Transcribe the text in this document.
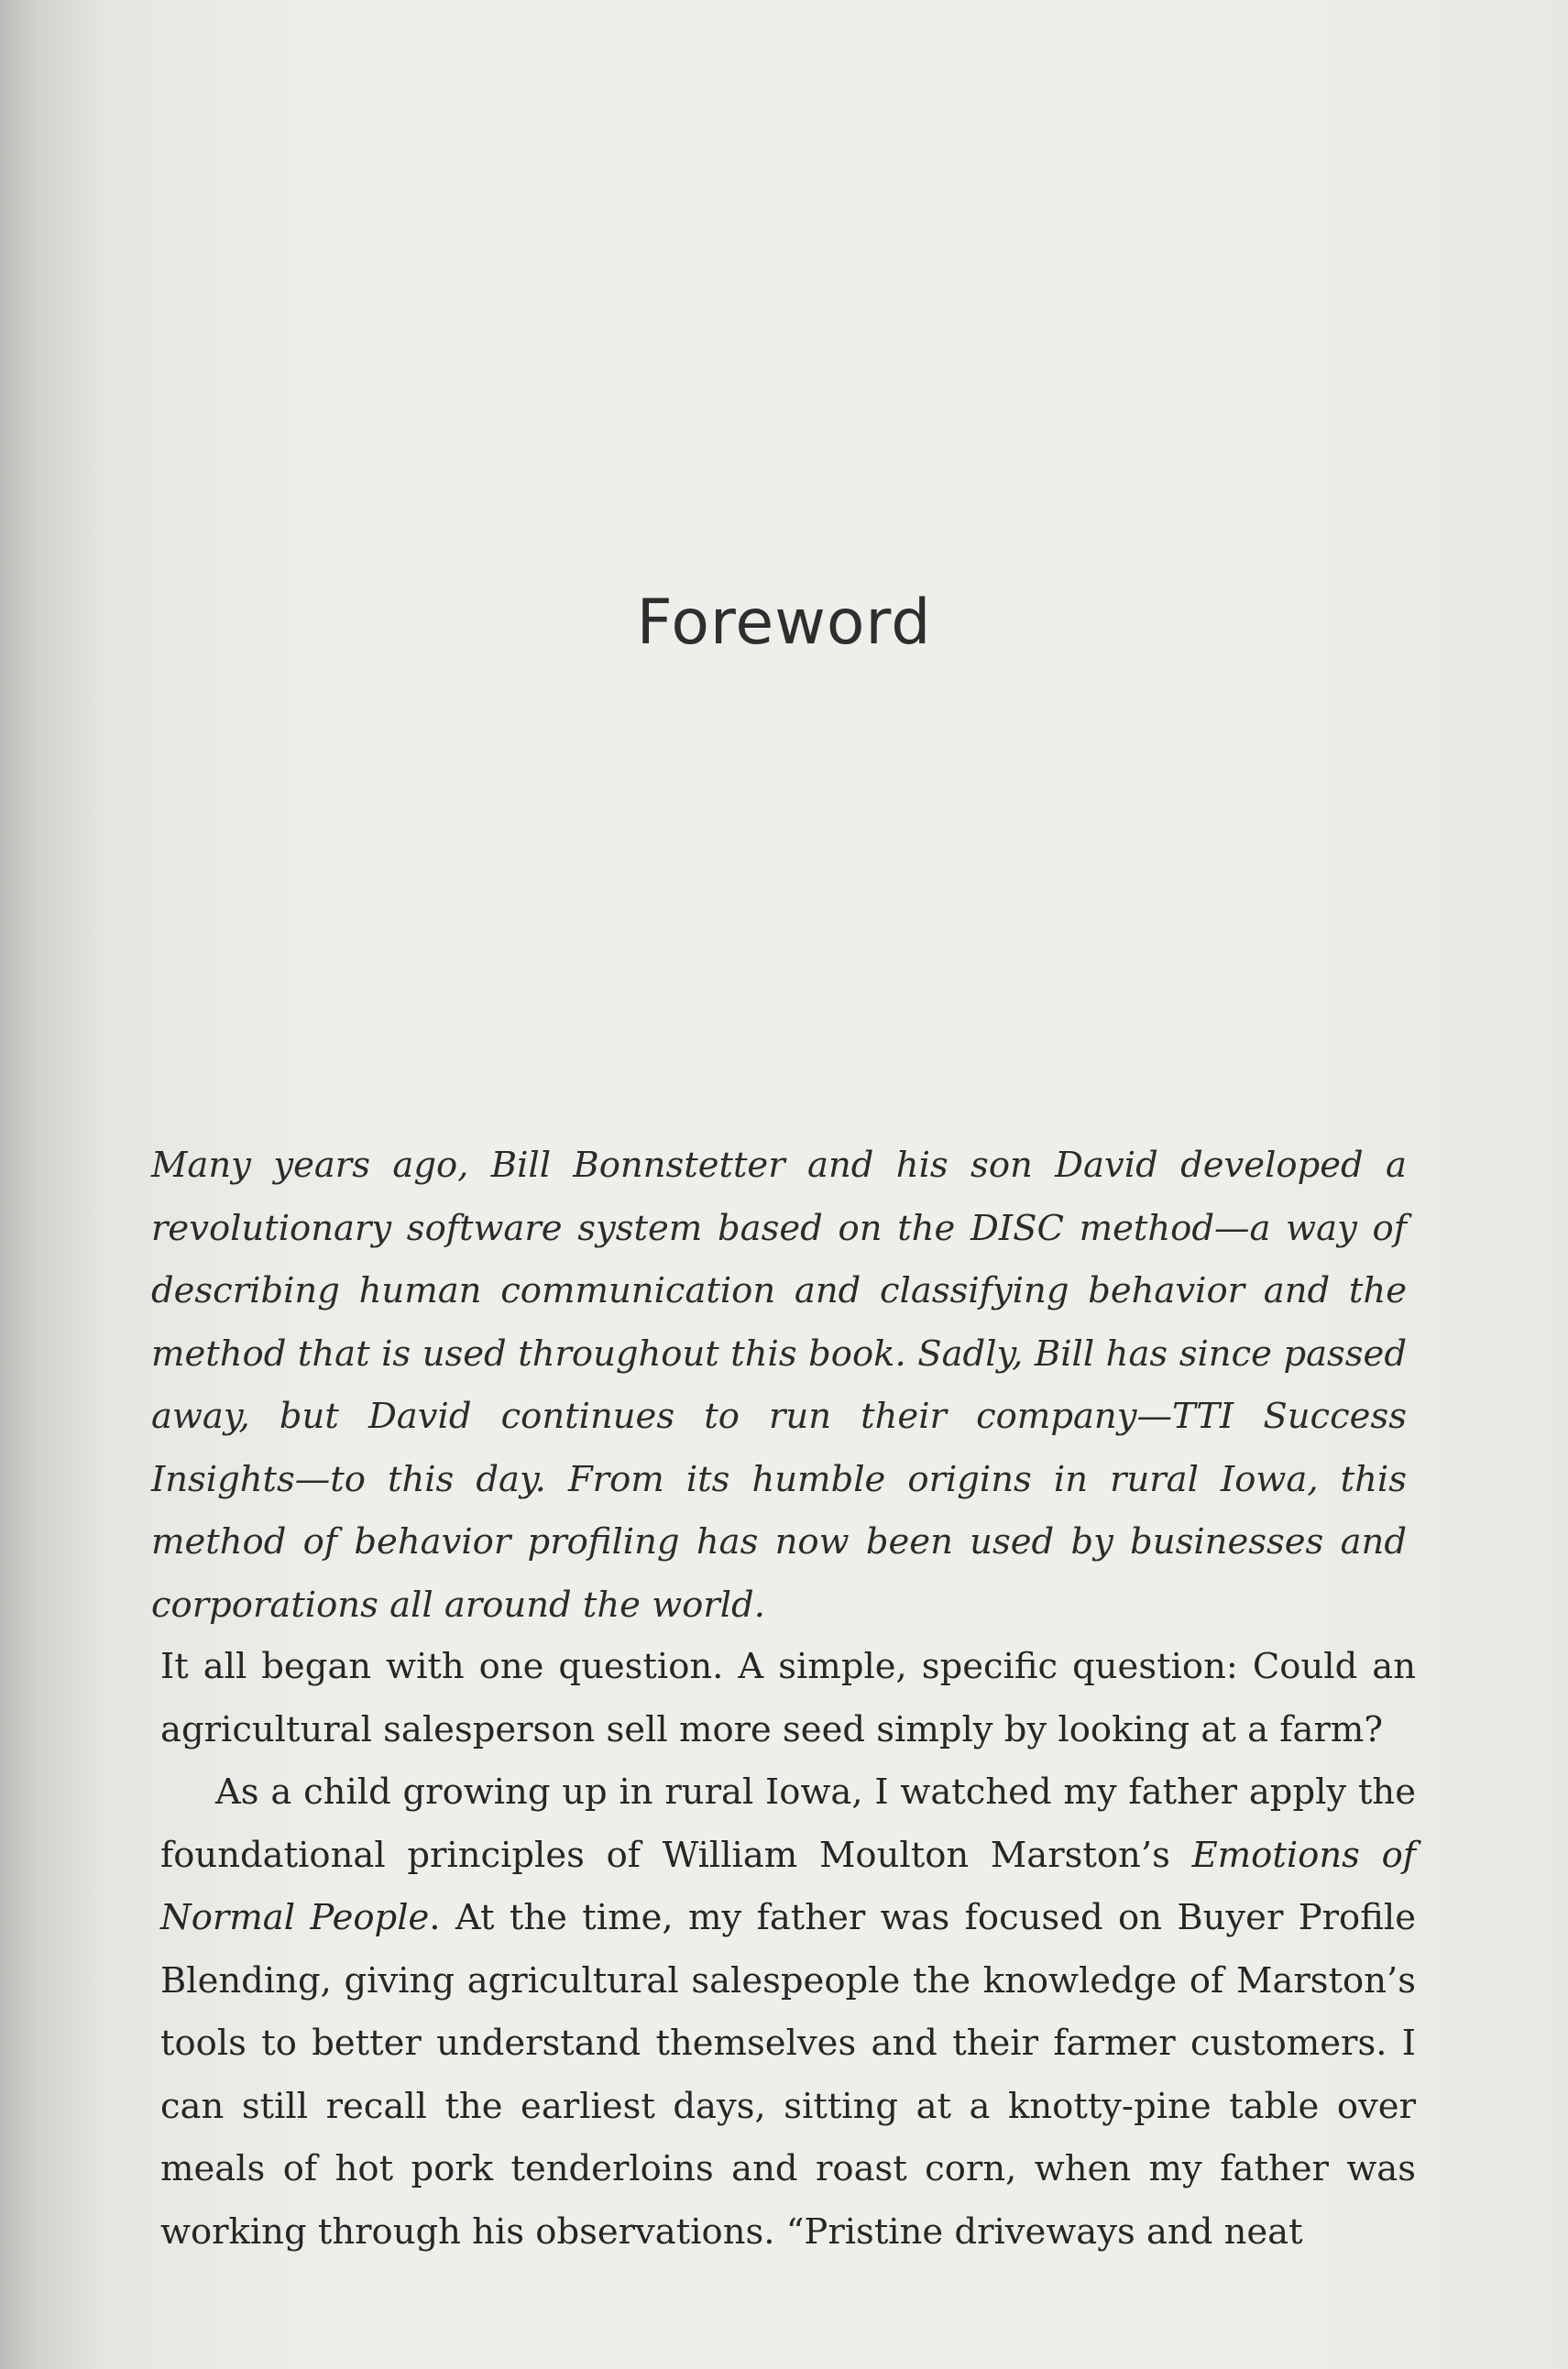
Foreword

Many years ago, Bill Bonnstetter and his son David developed a revolutionary software system based on the DISC method—a way of describing human communication and classifying behavior and the method that is used throughout this book. Sadly, Bill has since passed away, but David continues to run their company—TTI Success Insights—to this day. From its humble origins in rural Iowa, this method of behavior profiling has now been used by businesses and corporations all around the world.

It all began with one question. A simple, specific question: Could an agricultural salesperson sell more seed simply by looking at a farm?

As a child growing up in rural Iowa, I watched my father apply the foundational principles of William Moulton Marston’s Emotions of Normal People. At the time, my father was focused on Buyer Profile Blending, giving agricultural salespeople the knowledge of Marston’s tools to better understand themselves and their farmer customers. I can still recall the earliest days, sitting at a knotty-pine table over meals of hot pork tenderloins and roast corn, when my father was working through his observations. “Pristine driveways and neat
